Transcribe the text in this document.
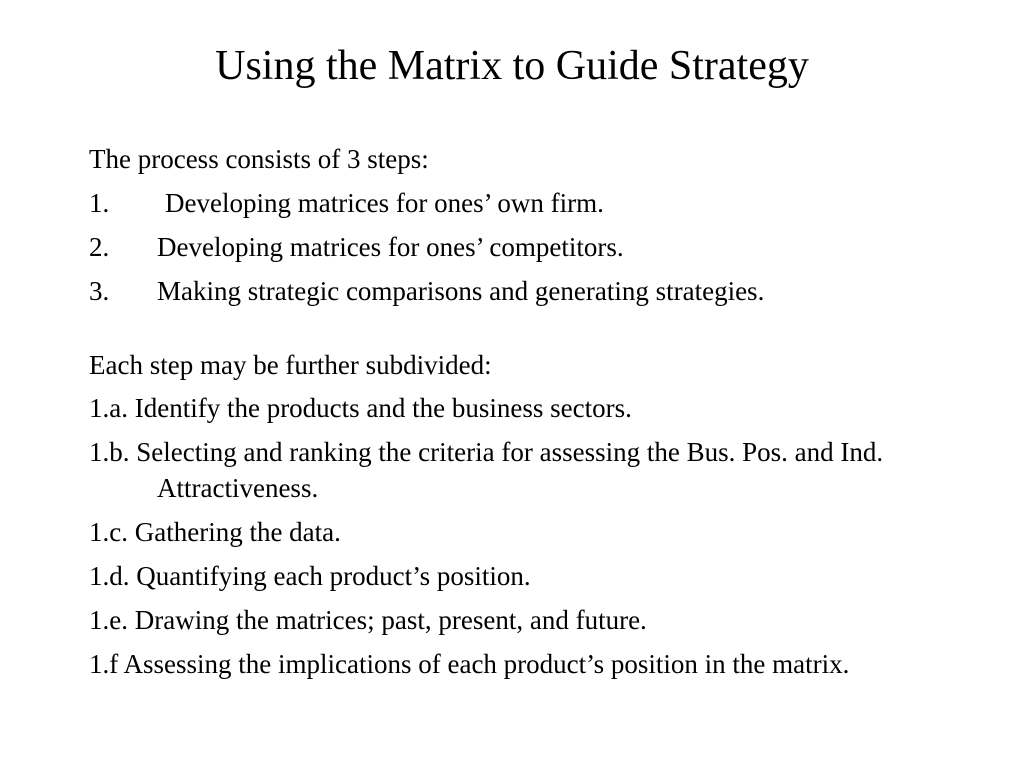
Using the Matrix to Guide Strategy
The process consists of 3 steps:
1.	Developing matrices for ones’ own firm.
2.	Developing matrices for ones’ competitors.
3.	Making strategic comparisons and generating strategies.
Each step may be further subdivided:
1.a. Identify the products and the business sectors.
1.b. Selecting and ranking the criteria for assessing the Bus. Pos. and Ind. Attractiveness.
1.c. Gathering the data.
1.d. Quantifying each product’s position.
1.e. Drawing the matrices; past, present, and future.
1.f Assessing the implications of each product’s position in the matrix.
